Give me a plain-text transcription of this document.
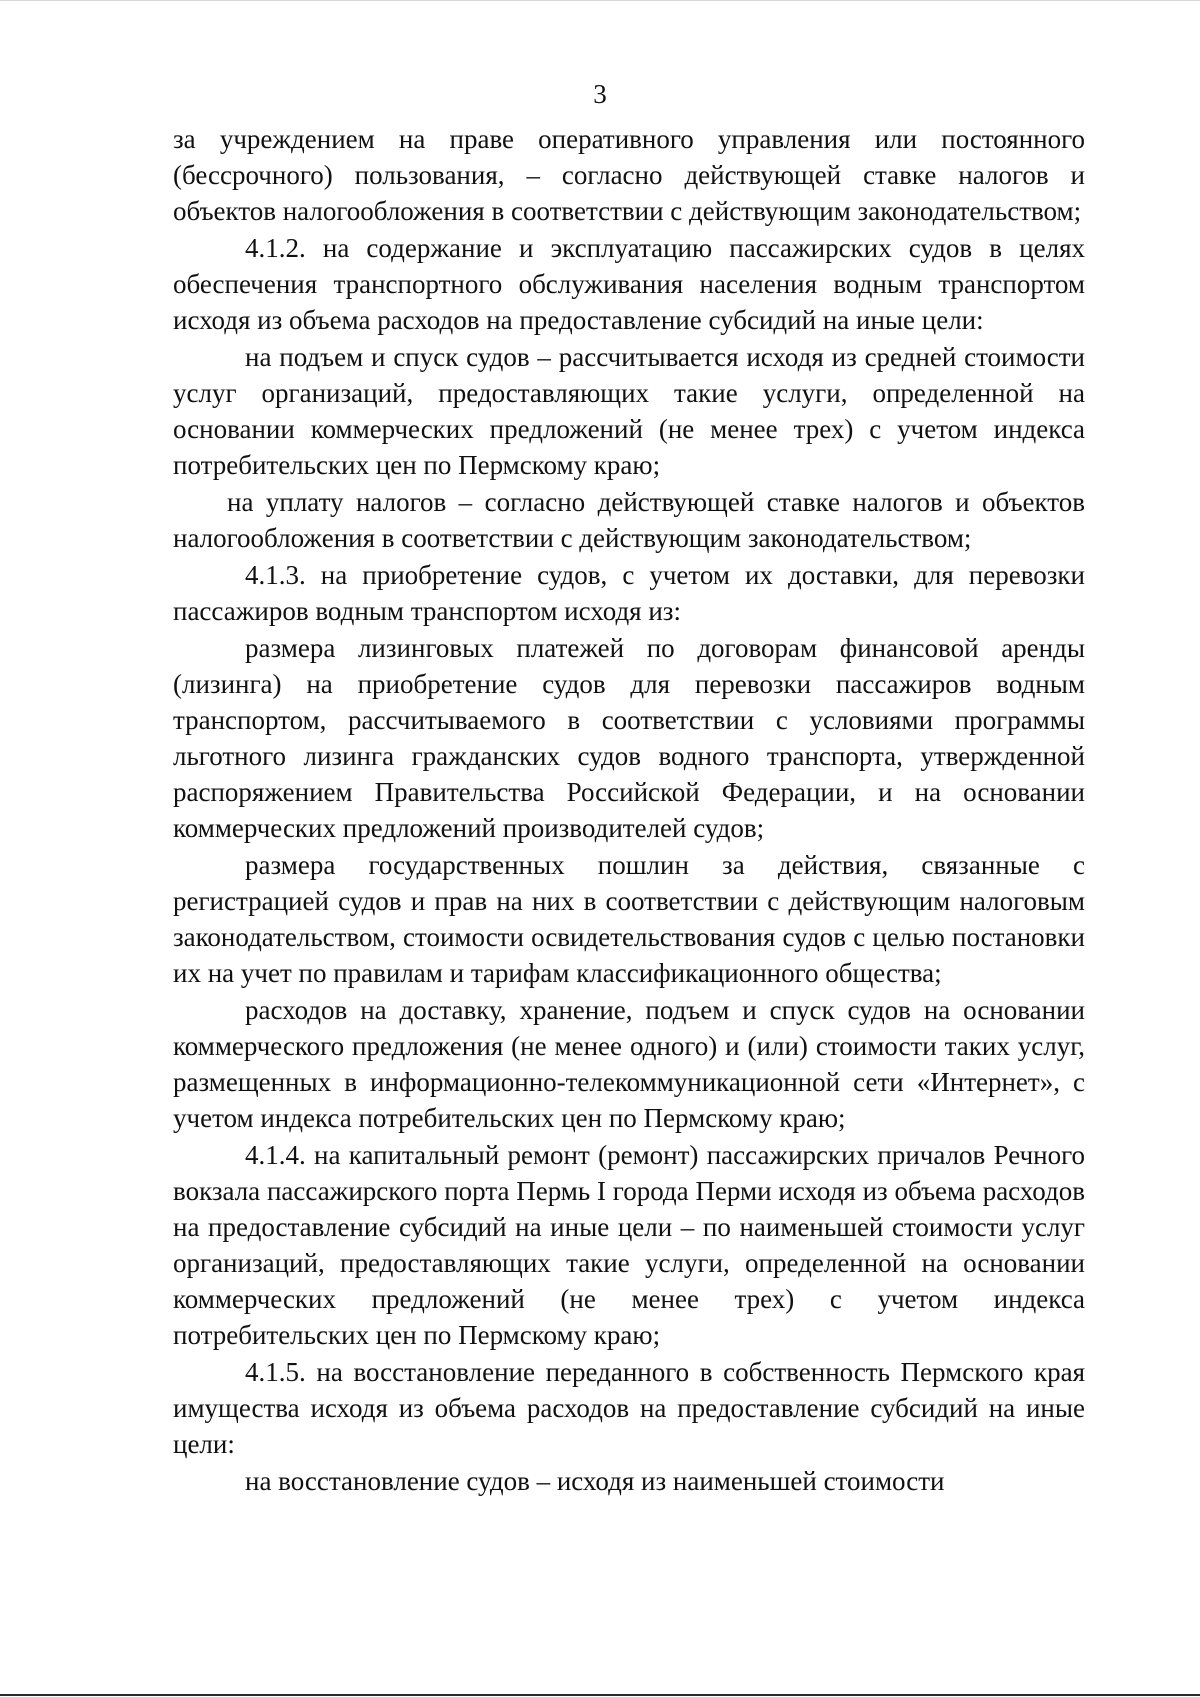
3

за учреждением на праве оперативного управления или постоянного (бессрочного) пользования, – согласно действующей ставке налогов и объектов налогообложения в соответствии с действующим законодательством;

4.1.2. на содержание и эксплуатацию пассажирских судов в целях обеспечения транспортного обслуживания населения водным транспортом исходя из объема расходов на предоставление субсидий на иные цели:

на подъем и спуск судов – рассчитывается исходя из средней стоимости услуг организаций, предоставляющих такие услуги, определенной на основании коммерческих предложений (не менее трех) с учетом индекса потребительских цен по Пермскому краю;

на уплату налогов – согласно действующей ставке налогов и объектов налогообложения в соответствии с действующим законодательством;

4.1.3. на приобретение судов, с учетом их доставки, для перевозки пассажиров водным транспортом исходя из:

размера лизинговых платежей по договорам финансовой аренды (лизинга) на приобретение судов для перевозки пассажиров водным транспортом, рассчитываемого в соответствии с условиями программы льготного лизинга гражданских судов водного транспорта, утвержденной распоряжением Правительства Российской Федерации, и на основании коммерческих предложений производителей судов;

размера государственных пошлин за действия, связанные с регистрацией судов и прав на них в соответствии с действующим налоговым законодательством, стоимости освидетельствования судов с целью постановки их на учет по правилам и тарифам классификационного общества;

расходов на доставку, хранение, подъем и спуск судов на основании коммерческого предложения (не менее одного) и (или) стоимости таких услуг, размещенных в информационно-телекоммуникационной сети «Интернет», с учетом индекса потребительских цен по Пермскому краю;

4.1.4. на капитальный ремонт (ремонт) пассажирских причалов Речного вокзала пассажирского порта Пермь I города Перми исходя из объема расходов на предоставление субсидий на иные цели – по наименьшей стоимости услуг организаций, предоставляющих такие услуги, определенной на основании коммерческих предложений (не менее трех) с учетом индекса потребительских цен по Пермскому краю;

4.1.5. на восстановление переданного в собственность Пермского края имущества исходя из объема расходов на предоставление субсидий на иные цели:

на восстановление судов – исходя из наименьшей стоимости
